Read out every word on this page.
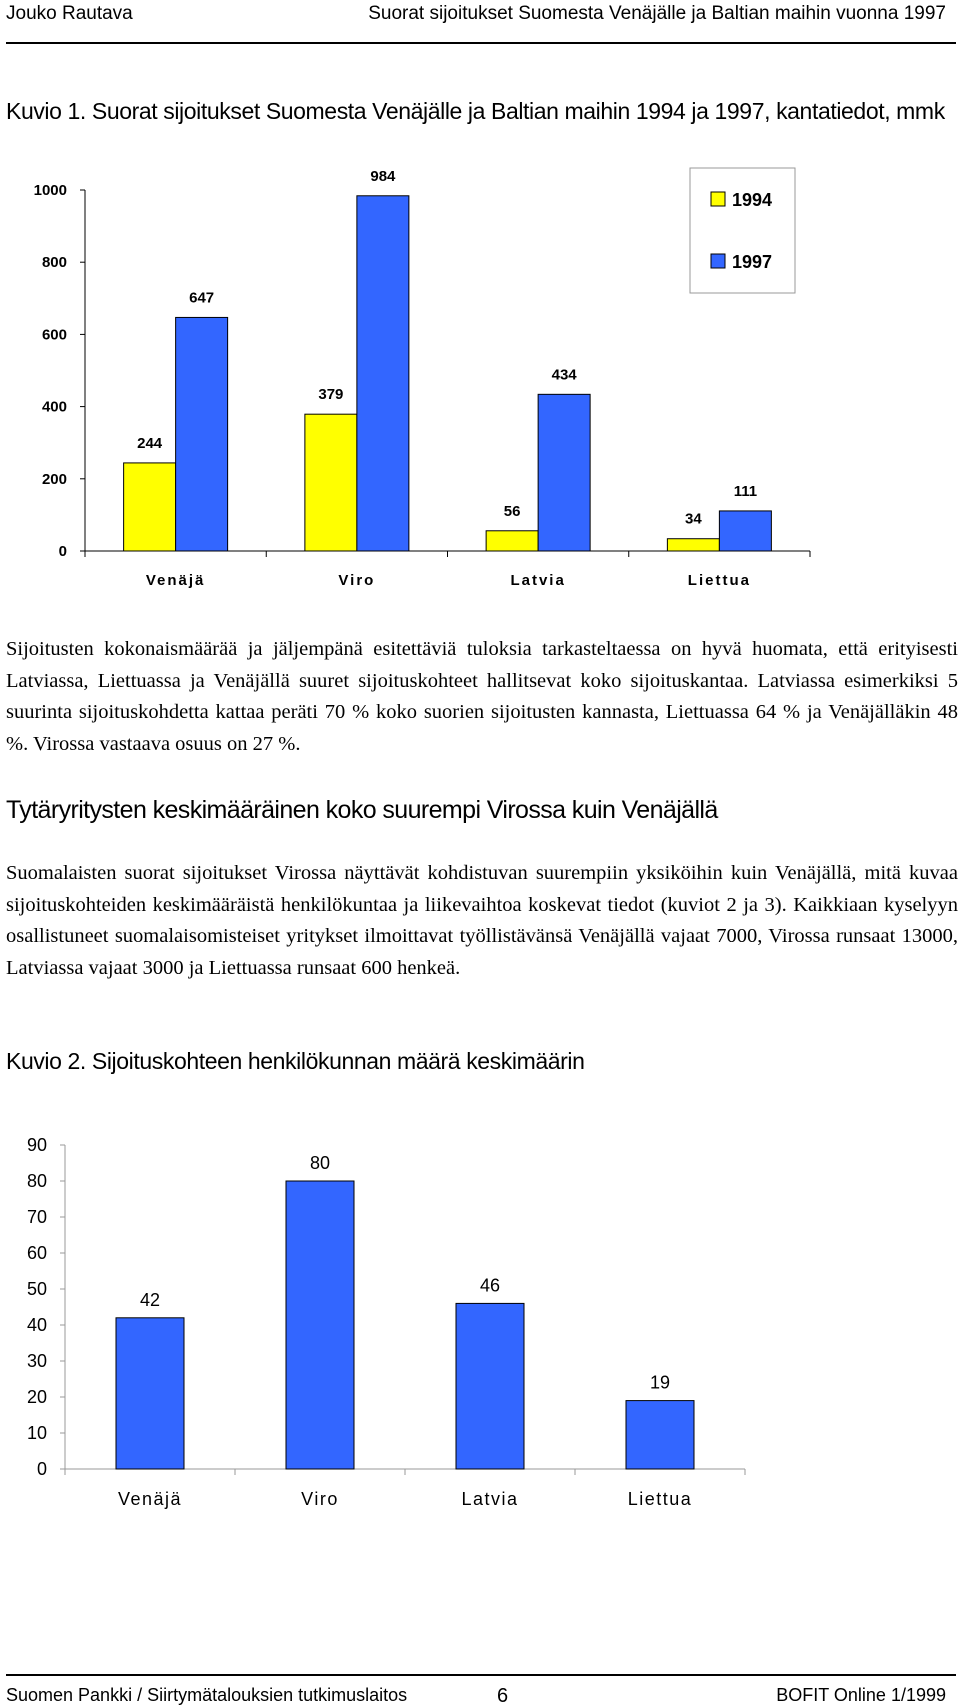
Jouko Rautava	Suorat sijoitukset Suomesta Venäjälle ja Baltian maihin vuonna 1997
Kuvio 1. Suorat sijoitukset Suomesta Venäjälle ja Baltian maihin 1994 ja 1997, kantatiedot, mmk
0
200
400
600
800
1000
244
647
Venäjä
379
984
Viro
56
434
Latvia
34
111
Liettua
1994
1997
Sijoitusten kokonaismäärää ja jäljempänä esitettäviä tuloksia tarkasteltaessa on hyvä huomata, että erityisesti Latviassa, Liettuassa ja Venäjällä suuret sijoituskohteet hallitsevat koko sijoituskantaa. Latviassa esimerkiksi 5 suurinta sijoituskohdetta kattaa peräti 70 % koko suorien sijoitusten kannasta, Liettuassa 64 % ja Venäjälläkin 48 %. Virossa vastaava osuus on 27 %.
Tytäryritysten keskimääräinen koko suurempi Virossa kuin Venäjällä
Suomalaisten suorat sijoitukset Virossa näyttävät kohdistuvan suurempiin yksiköihin kuin Venäjällä, mitä kuvaa sijoituskohteiden keskimääräistä henkilökuntaa ja liikevaihtoa koskevat tiedot (kuviot 2 ja 3). Kaikkiaan kyselyyn osallistuneet suomalaisomisteiset yritykset ilmoittavat työllistävänsä Venäjällä vajaat 7000, Virossa runsaat 13000, Latviassa vajaat 3000 ja Liettuassa runsaat 600 henkeä.
Kuvio 2. Sijoituskohteen henkilökunnan määrä keskimäärin
0
10
20
30
40
50
60
70
80
90
42
Venäjä
80
Viro
46
Latvia
19
Liettua
Suomen Pankki / Siirtymätalouksien tutkimuslaitos	6	BOFIT Online 1/1999
